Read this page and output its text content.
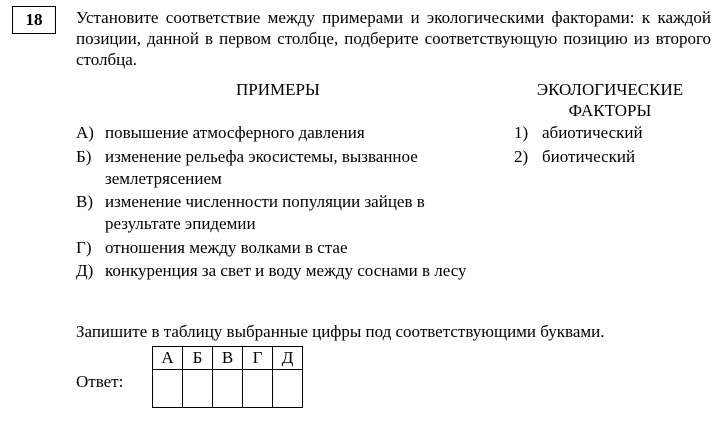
18	Установите соответствие между примерами и экологическими факторами: к каждой позиции, данной в первом столбце, подберите соответствующую позицию из второго столбца.

ПРИМЕРЫ	ЭКОЛОГИЧЕСКИЕ
ФАКТОРЫ
А) повышение атмосферного давления
Б) изменение рельефа экосистемы, вызванное землетрясением
В) изменение численности популяции зайцев в результате эпидемии
Г) отношения между волками в стае
Д) конкуренция за свет и воду между соснами в лесу
1) абиотический
2) биотический
Запишите в таблицу выбранные цифры под соответствующими буквами.
Ответ:
А	Б	В	Г	Д
